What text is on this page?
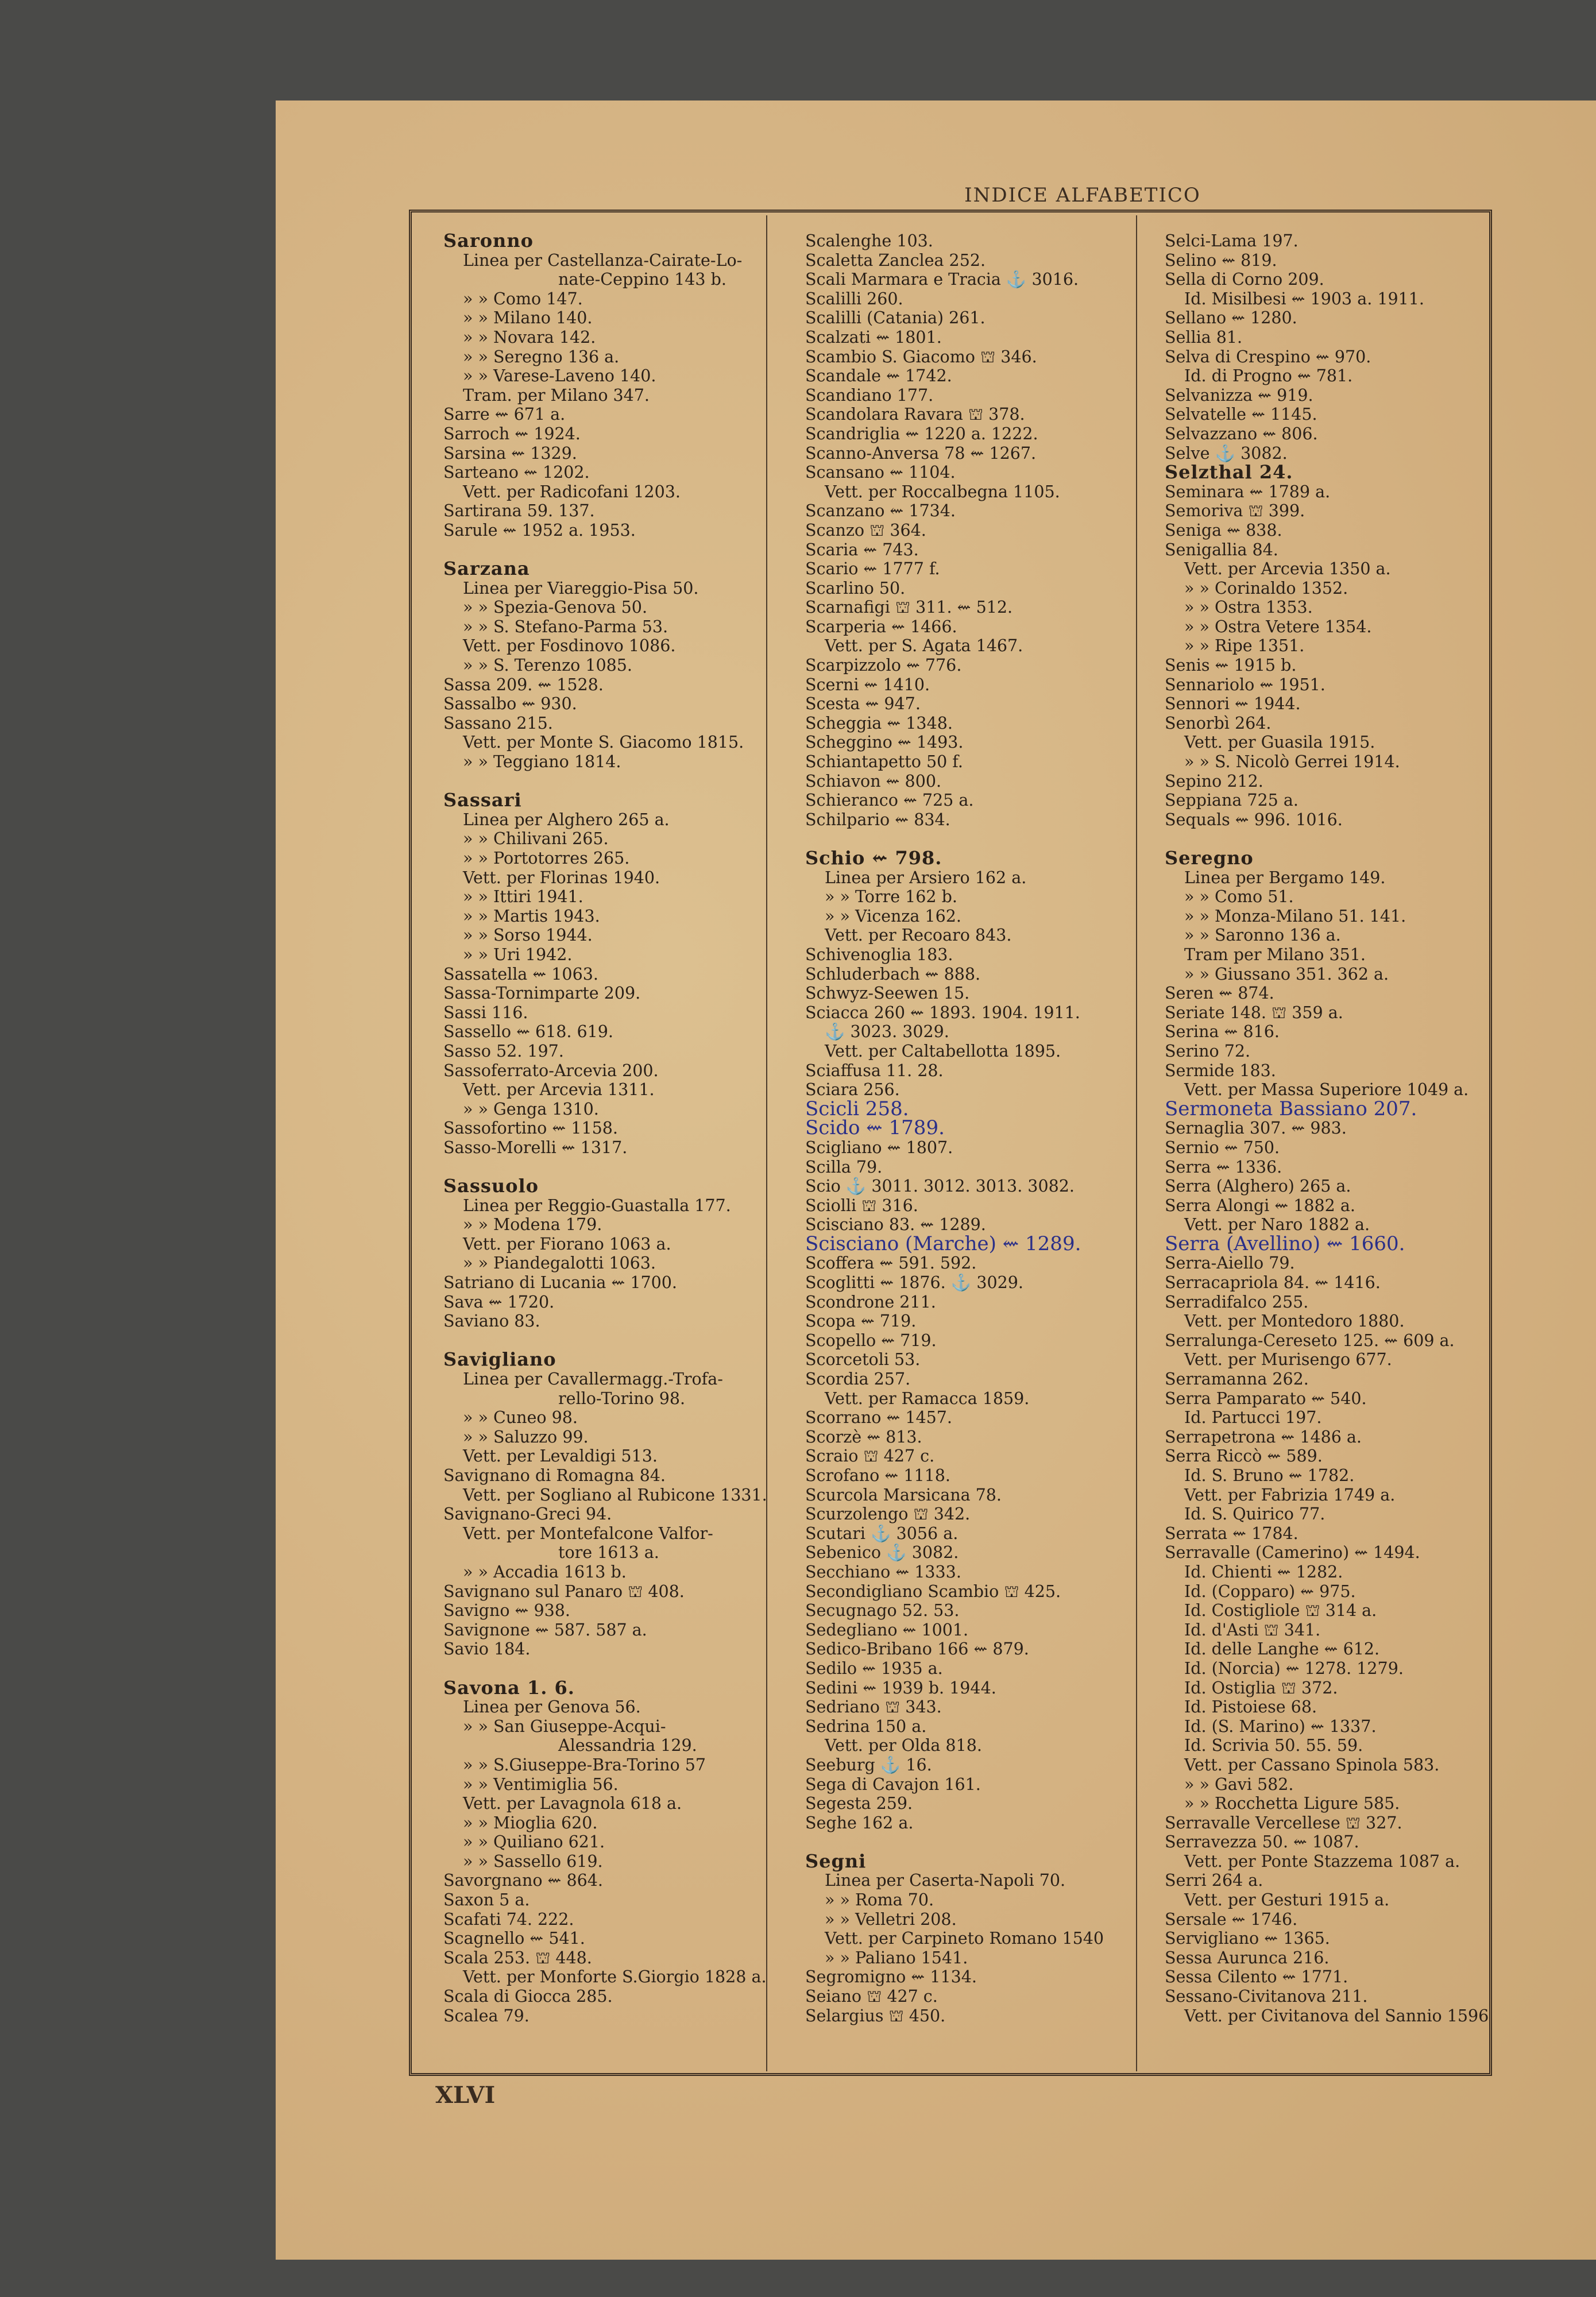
INDICE ALFABETICO
Saronno
Linea per Castellanza-Cairate-Lo-
nate-Ceppino 143 b.
» » Como 147.
» » Milano 140.
» » Novara 142.
» » Seregno 136 a.
» » Varese-Laveno 140.
Tram. per Milano 347.
Sarre ⇜ 671 a.
Sarroch ⇜ 1924.
Sarsina ⇜ 1329.
Sarteano ⇜ 1202.
Vett. per Radicofani 1203.
Sartirana 59. 137.
Sarule ⇜ 1952 a. 1953.
Sarzana
Linea per Viareggio-Pisa 50.
» » Spezia-Genova 50.
» » S. Stefano-Parma 53.
Vett. per Fosdinovo 1086.
» » S. Terenzo 1085.
Sassa 209. ⇜ 1528.
Sassalbo ⇜ 930.
Sassano 215.
Vett. per Monte S. Giacomo 1815.
» » Teggiano 1814.
Sassari
Linea per Alghero 265 a.
» » Chilivani 265.
» » Portotorres 265.
Vett. per Florinas 1940.
» » Ittiri 1941.
» » Martis 1943.
» » Sorso 1944.
» » Uri 1942.
Sassatella ⇜ 1063.
Sassa-Tornimparte 209.
Sassi 116.
Sassello ⇜ 618. 619.
Sasso 52. 197.
Sassoferrato-Arcevia 200.
Vett. per Arcevia 1311.
» » Genga 1310.
Sassofortino ⇜ 1158.
Sasso-Morelli ⇜ 1317.
Sassuolo
Linea per Reggio-Guastalla 177.
» » Modena 179.
Vett. per Fiorano 1063 a.
» » Piandegalotti 1063.
Satriano di Lucania ⇜ 1700.
Sava ⇜ 1720.
Saviano 83.
Savigliano
Linea per Cavallermagg.-Trofa-
rello-Torino 98.
» » Cuneo 98.
» » Saluzzo 99.
Vett. per Levaldigi 513.
Savignano di Romagna 84.
Vett. per Sogliano al Rubicone 1331.
Savignano-Greci 94.
Vett. per Montefalcone Valfor-
tore 1613 a.
» » Accadia 1613 b.
Savignano sul Panaro ⛫ 408.
Savigno ⇜ 938.
Savignone ⇜ 587. 587 a.
Savio 184.
Savona 1. 6.
Linea per Genova 56.
» » San Giuseppe-Acqui-
Alessandria 129.
» » S.Giuseppe-Bra-Torino 57
» » Ventimiglia 56.
Vett. per Lavagnola 618 a.
» » Mioglia 620.
» » Quiliano 621.
» » Sassello 619.
Savorgnano ⇜ 864.
Saxon 5 a.
Scafati 74. 222.
Scagnello ⇜ 541.
Scala 253. ⛫ 448.
Vett. per Monforte S.Giorgio 1828 a.
Scala di Giocca 285.
Scalea 79.
Scalenghe 103.
Scaletta Zanclea 252.
Scali Marmara e Tracia ⚓ 3016.
Scalilli 260.
Scalilli (Catania) 261.
Scalzati ⇜ 1801.
Scambio S. Giacomo ⛫ 346.
Scandale ⇜ 1742.
Scandiano 177.
Scandolara Ravara ⛫ 378.
Scandriglia ⇜ 1220 a. 1222.
Scanno-Anversa 78 ⇜ 1267.
Scansano ⇜ 1104.
Vett. per Roccalbegna 1105.
Scanzano ⇜ 1734.
Scanzo ⛫ 364.
Scaria ⇜ 743.
Scario ⇜ 1777 f.
Scarlino 50.
Scarnafigi ⛫ 311. ⇜ 512.
Scarperia ⇜ 1466.
Vett. per S. Agata 1467.
Scarpizzolo ⇜ 776.
Scerni ⇜ 1410.
Scesta ⇜ 947.
Scheggia ⇜ 1348.
Scheggino ⇜ 1493.
Schiantapetto 50 f.
Schiavon ⇜ 800.
Schieranco ⇜ 725 a.
Schilpario ⇜ 834.
Schio ⇜ 798.
Linea per Arsiero 162 a.
» » Torre 162 b.
» » Vicenza 162.
Vett. per Recoaro 843.
Schivenoglia 183.
Schluderbach ⇜ 888.
Schwyz-Seewen 15.
Sciacca 260 ⇜ 1893. 1904. 1911.
⚓ 3023. 3029.
Vett. per Caltabellotta 1895.
Sciaffusa 11. 28.
Sciara 256.
Scicli 258.
Scido ⇜ 1789.
Scigliano ⇜ 1807.
Scilla 79.
Scio ⚓ 3011. 3012. 3013. 3082.
Sciolli ⛫ 316.
Scisciano 83. ⇜ 1289.
Scisciano (Marche) ⇜ 1289.
Scoffera ⇜ 591. 592.
Scoglitti ⇜ 1876. ⚓ 3029.
Scondrone 211.
Scopa ⇜ 719.
Scopello ⇜ 719.
Scorcetoli 53.
Scordia 257.
Vett. per Ramacca 1859.
Scorrano ⇜ 1457.
Scorzè ⇜ 813.
Scraio ⛫ 427 c.
Scrofano ⇜ 1118.
Scurcola Marsicana 78.
Scurzolengo ⛫ 342.
Scutari ⚓ 3056 a.
Sebenico ⚓ 3082.
Secchiano ⇜ 1333.
Secondigliano Scambio ⛫ 425.
Secugnago 52. 53.
Sedegliano ⇜ 1001.
Sedico-Bribano 166 ⇜ 879.
Sedilo ⇜ 1935 a.
Sedini ⇜ 1939 b. 1944.
Sedriano ⛫ 343.
Sedrina 150 a.
Vett. per Olda 818.
Seeburg ⚓ 16.
Sega di Cavajon 161.
Segesta 259.
Seghe 162 a.
Segni
Linea per Caserta-Napoli 70.
» » Roma 70.
» » Velletri 208.
Vett. per Carpineto Romano 1540
» » Paliano 1541.
Segromigno ⇜ 1134.
Seiano ⛫ 427 c.
Selargius ⛫ 450.
Selci-Lama 197.
Selino ⇜ 819.
Sella di Corno 209.
Id. Misilbesi ⇜ 1903 a. 1911.
Sellano ⇜ 1280.
Sellia 81.
Selva di Crespino ⇜ 970.
Id. di Progno ⇜ 781.
Selvanizza ⇜ 919.
Selvatelle ⇜ 1145.
Selvazzano ⇜ 806.
Selve ⚓ 3082.
Selzthal 24.
Seminara ⇜ 1789 a.
Semoriva ⛫ 399.
Seniga ⇜ 838.
Senigallia 84.
Vett. per Arcevia 1350 a.
» » Corinaldo 1352.
» » Ostra 1353.
» » Ostra Vetere 1354.
» » Ripe 1351.
Senis ⇜ 1915 b.
Sennariolo ⇜ 1951.
Sennori ⇜ 1944.
Senorbì 264.
Vett. per Guasila 1915.
» » S. Nicolò Gerrei 1914.
Sepino 212.
Seppiana 725 a.
Sequals ⇜ 996. 1016.
Seregno
Linea per Bergamo 149.
» » Como 51.
» » Monza-Milano 51. 141.
» » Saronno 136 a.
Tram per Milano 351.
» » Giussano 351. 362 a.
Seren ⇜ 874.
Seriate 148. ⛫ 359 a.
Serina ⇜ 816.
Serino 72.
Sermide 183.
Vett. per Massa Superiore 1049 a.
Sermoneta Bassiano 207.
Sernaglia 307. ⇜ 983.
Sernio ⇜ 750.
Serra ⇜ 1336.
Serra (Alghero) 265 a.
Serra Alongi ⇜ 1882 a.
Vett. per Naro 1882 a.
Serra (Avellino) ⇜ 1660.
Serra-Aiello 79.
Serracapriola 84. ⇜ 1416.
Serradifalco 255.
Vett. per Montedoro 1880.
Serralunga-Cereseto 125. ⇜ 609 a.
Vett. per Murisengo 677.
Serramanna 262.
Serra Pamparato ⇜ 540.
Id. Partucci 197.
Serrapetrona ⇜ 1486 a.
Serra Riccò ⇜ 589.
Id. S. Bruno ⇜ 1782.
Vett. per Fabrizia 1749 a.
Id. S. Quirico 77.
Serrata ⇜ 1784.
Serravalle (Camerino) ⇜ 1494.
Id. Chienti ⇜ 1282.
Id. (Copparo) ⇜ 975.
Id. Costigliole ⛫ 314 a.
Id. d'Asti ⛫ 341.
Id. delle Langhe ⇜ 612.
Id. (Norcia) ⇜ 1278. 1279.
Id. Ostiglia ⛫ 372.
Id. Pistoiese 68.
Id. (S. Marino) ⇜ 1337.
Id. Scrivia 50. 55. 59.
Vett. per Cassano Spinola 583.
» » Gavi 582.
» » Rocchetta Ligure 585.
Serravalle Vercellese ⛫ 327.
Serravezza 50. ⇜ 1087.
Vett. per Ponte Stazzema 1087 a.
Serri 264 a.
Vett. per Gesturi 1915 a.
Sersale ⇜ 1746.
Servigliano ⇜ 1365.
Sessa Aurunca 216.
Sessa Cilento ⇜ 1771.
Sessano-Civitanova 211.
Vett. per Civitanova del Sannio 1596
XLVI
